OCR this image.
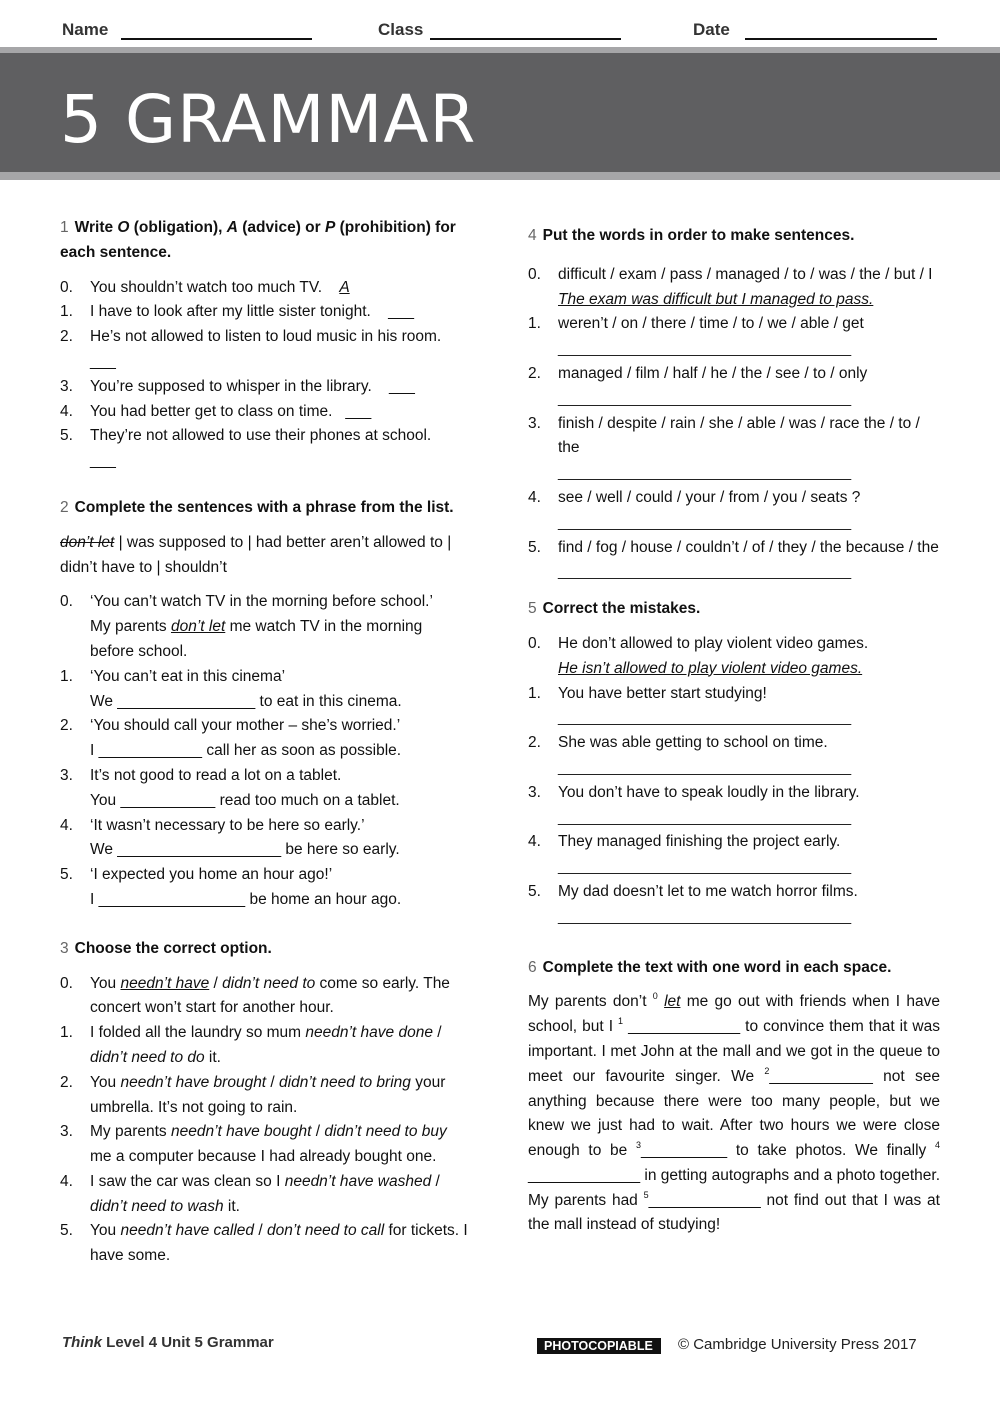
Name	Class	Date
5 GRAMMAR

1 Write O (obligation), A (advice) or P (prohibition) for each sentence.

0. You shouldn’t watch too much TV. A
1. I have to look after my little sister tonight. ___
2. He’s not allowed to listen to loud music in his room.
___
3. You’re supposed to whisper in the library. ___
4. You had better get to class on time. ___
5. They’re not allowed to use their phones at school.
___

2 Complete the sentences with a phrase from the list.

don’t let | was supposed to | had better aren’t allowed to | didn’t have to | shouldn’t

0. ‘You can’t watch TV in the morning before school.’
My parents don’t let me watch TV in the morning before school.
1. ‘You can’t eat in this cinema’
We ________________ to eat in this cinema.
2. ‘You should call your mother – she’s worried.’
I ____________ call her as soon as possible.
3. It’s not good to read a lot on a tablet.
You ___________ read too much on a tablet.
4. ‘It wasn’t necessary to be here so early.’
We ___________________ be here so early.
5. ‘I expected you home an hour ago!’
I _________________ be home an hour ago.

3 Choose the correct option.

0. You needn’t have / didn’t need to come so early. The concert won’t start for another hour.
1. I folded all the laundry so mum needn’t have done / didn’t need to do it.
2. You needn’t have brought / didn’t need to bring your umbrella. It’s not going to rain.
3. My parents needn’t have bought / didn’t need to buy me a computer because I had already bought one.
4. I saw the car was clean so I needn’t have washed / didn’t need to wash it.
5. You needn’t have called / don’t need to call for tickets. I have some.

4 Put the words in order to make sentences.

0. difficult / exam / pass / managed / to / was / the / but / I
The exam was difficult but I managed to pass.
1. weren’t / on / there / time / to / we / able / get
__________________________________
2. managed / film / half / he / the / see / to / only
__________________________________
3. finish / despite / rain / she / able / was / race the / to / the
__________________________________
4. see / well / could / your / from / you / seats ?
__________________________________
5. find / fog / house / couldn’t / of / they / the because / the
__________________________________

5 Correct the mistakes.

0. He don’t allowed to play violent video games.
He isn’t allowed to play violent video games.
1. You have better start studying!
__________________________________
2. She was able getting to school on time.
__________________________________
3. You don’t have to speak loudly in the library.
__________________________________
4. They managed finishing the project early.
__________________________________
5. My dad doesn’t let to me watch horror films.
__________________________________

6 Complete the text with one word in each space.

My parents don’t $^0$ let me go out with friends when I have school, but I $^1$ _____________ to convince them that it was important. I met John at the mall and we got in the queue to meet our favourite singer. We $^2$____________ not see anything because there were too many people, but we knew we just had to wait. After two hours we were close enough to be $^3$__________ to take photos. We finally $^4$ _____________ in getting autographs and a photo together. My parents had $^5$_____________ not find out that I was at the mall instead of studying!

Think Level 4 Unit 5 Grammar	PHOTOCOPIABLE	© Cambridge University Press 2017
